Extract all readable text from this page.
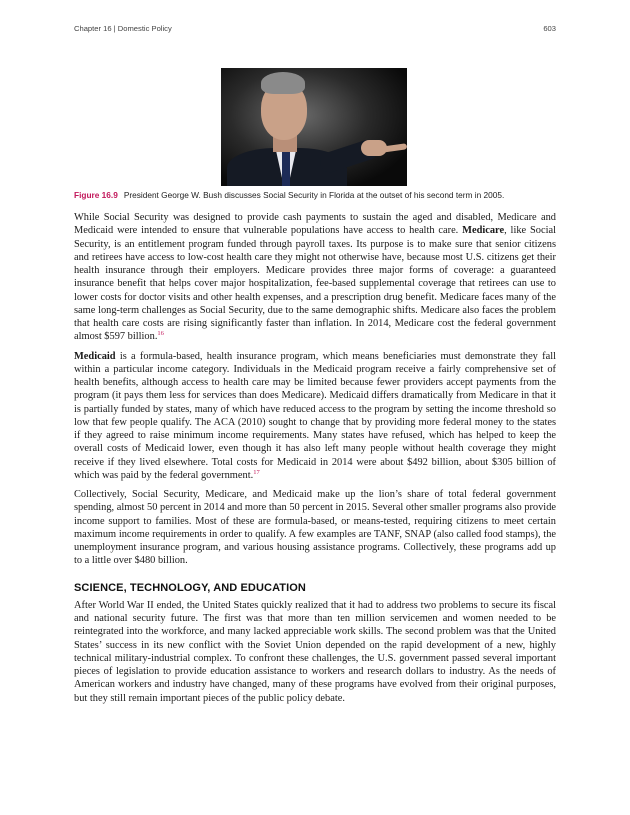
Chapter 16 | Domestic Policy	603
Figure 16.9 President George W. Bush discusses Social Security in Florida at the outset of his second term in 2005.

While Social Security was designed to provide cash payments to sustain the aged and disabled, Medicare and Medicaid were intended to ensure that vulnerable populations have access to health care. Medicare, like Social Security, is an entitlement program funded through payroll taxes. Its purpose is to make sure that senior citizens and retirees have access to low-cost health care they might not otherwise have, because most U.S. citizens get their health insurance through their employers. Medicare provides three major forms of coverage: a guaranteed insurance benefit that helps cover major hospitalization, fee-based supplemental coverage that retirees can use to lower costs for doctor visits and other health expenses, and a prescription drug benefit. Medicare faces many of the same long-term challenges as Social Security, due to the same demographic shifts. Medicare also faces the problem that health care costs are rising significantly faster than inflation. In 2014, Medicare cost the federal government almost $597 billion.$^{16}$

Medicaid is a formula-based, health insurance program, which means beneficiaries must demonstrate they fall within a particular income category. Individuals in the Medicaid program receive a fairly comprehensive set of health benefits, although access to health care may be limited because fewer providers accept payments from the program (it pays them less for services than does Medicare). Medicaid differs dramatically from Medicare in that it is partially funded by states, many of which have reduced access to the program by setting the income threshold so low that few people qualify. The ACA (2010) sought to change that by providing more federal money to the states if they agreed to raise minimum income requirements. Many states have refused, which has helped to keep the overall costs of Medicaid lower, even though it has also left many people without health coverage they might receive if they lived elsewhere. Total costs for Medicaid in 2014 were about $492 billion, about $305 billion of which was paid by the federal government.$^{17}$

Collectively, Social Security, Medicare, and Medicaid make up the lion’s share of total federal government spending, almost 50 percent in 2014 and more than 50 percent in 2015. Several other smaller programs also provide income support to families. Most of these are formula-based, or means-tested, requiring citizens to meet certain maximum income requirements in order to qualify. A few examples are TANF, SNAP (also called food stamps), the unemployment insurance program, and various housing assistance programs. Collectively, these programs add up to a little over $480 billion.

SCIENCE, TECHNOLOGY, AND EDUCATION

After World War II ended, the United States quickly realized that it had to address two problems to secure its fiscal and national security future. The first was that more than ten million servicemen and women needed to be reintegrated into the workforce, and many lacked appreciable work skills. The second problem was that the United States’ success in its new conflict with the Soviet Union depended on the rapid development of a new, highly technical military-industrial complex. To confront these challenges, the U.S. government passed several important pieces of legislation to provide education assistance to workers and research dollars to industry. As the needs of American workers and industry have changed, many of these programs have evolved from their original purposes, but they still remain important pieces of the public policy debate.
